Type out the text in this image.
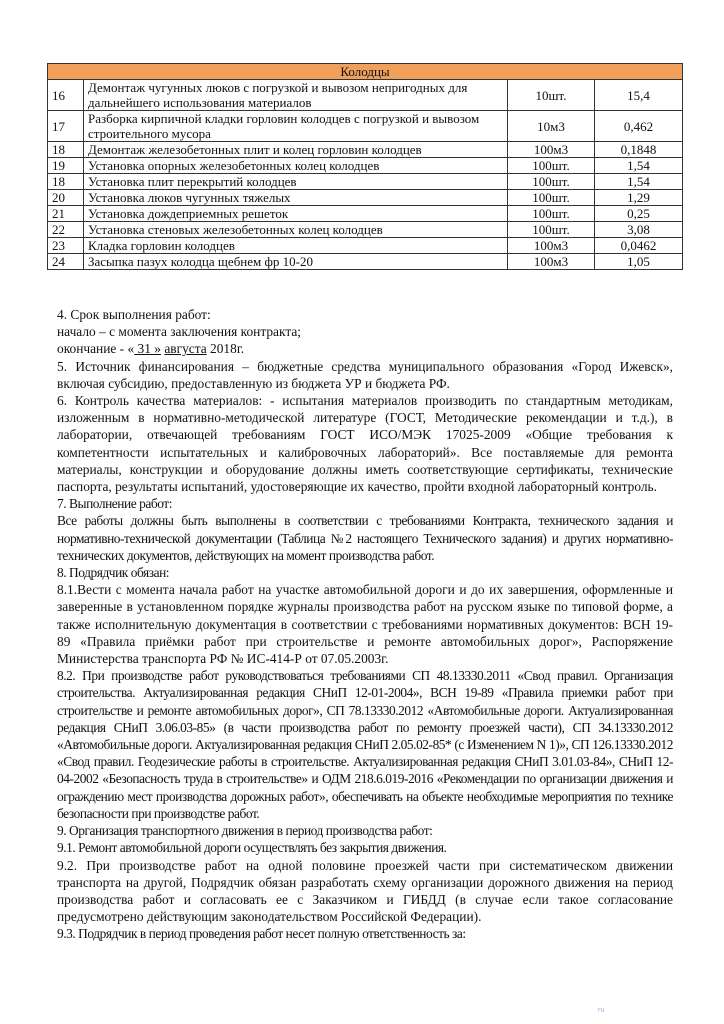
Колодцы			
16	Демонтаж чугунных люков с погрузкой и вывозом непригодных для дальнейшего использования материалов	10шт.	15,4
17	Разборка кирпичной кладки горловин колодцев с погрузкой и вывозом строительного мусора	10м3	0,462
18	Демонтаж железобетонных плит и колец горловин колодцев	100м3	0,1848
19	Установка опорных железобетонных колец колодцев	100шт.	1,54
18	Установка плит перекрытий колодцев	100шт.	1,54
20	Установка люков чугунных тяжелых	100шт.	1,29
21	Установка дождеприемных решеток	100шт.	0,25
22	Установка стеновых железобетонных колец колодцев	100шт.	3,08
23	Кладка горловин колодцев	100м3	0,0462
24	Засыпка пазух колодца щебнем фр 10-20	100м3	1,05

4. Срок выполнения работ:

начало – с момента заключения контракта;

окончание - « 31 » августа 2018г.

5. Источник финансирования – бюджетные средства муниципального образования «Город Ижевск», включая субсидию, предоставленную из бюджета УР и бюджета РФ.

6. Контроль качества материалов: - испытания материалов производить по стандартным методикам, изложенным в нормативно-методической литературе (ГОСТ, Методические рекомендации и т.д.), в лаборатории, отвечающей требованиям ГОСТ ИСО/МЭК 17025-2009 «Общие требования к компетентности испытательных и калибровочных лабораторий». Все поставляемые для ремонта материалы, конструкции и оборудование должны иметь соответствующие сертификаты, технические паспорта, результаты испытаний, удостоверяющие их качество, пройти входной лабораторный контроль.

7. Выполнение работ:

Все работы должны быть выполнены в соответствии с требованиями Контракта, технического задания и нормативно-технической документации (Таблица №2 настоящего Технического задания) и других нормативно-технических документов, действующих на момент производства работ.

8. Подрядчик обязан:

8.1.Вести с момента начала работ на участке автомобильной дороги и до их завершения, оформленные и заверенные в установленном порядке журналы производства работ на русском языке по типовой форме, а также исполнительную документация в соответствии с требованиями нормативных документов: ВСН 19-89 «Правила приёмки работ при строительстве и ремонте автомобильных дорог», Распоряжение Министерства транспорта РФ № ИС-414-Р от 07.05.2003г.

8.2. При производстве работ руководствоваться требованиями СП 48.13330.2011 «Свод правил. Организация строительства. Актуализированная редакция СНиП 12-01-2004», ВСН 19-89 «Правила приемки работ при строительстве и ремонте автомобильных дорог», СП 78.13330.2012 «Автомобильные дороги. Актуализированная редакция СНиП 3.06.03-85» (в части производства работ по ремонту проезжей части), СП 34.13330.2012 «Автомобильные дороги. Актуализированная редакция СНиП 2.05.02-85* (с Изменением N 1)», СП 126.13330.2012 «Свод правил. Геодезические работы в строительстве. Актуализированная редакция СНиП 3.01.03-84», СНиП 12-04-2002 «Безопасность труда в строительстве» и ОДМ 218.6.019-2016 «Рекомендации по организации движения и ограждению мест производства дорожных работ», обеспечивать на объекте необходимые мероприятия по технике безопасности при производстве работ.

9. Организация транспортного движения в период производства работ:

9.1. Ремонт автомобильной дороги осуществлять без закрытия движения.

9.2. При производстве работ на одной половине проезжей части при систематическом движении транспорта на другой, Подрядчик обязан разработать схему организации дорожного движения на период производства работ и согласовать ее с Заказчиком и ГИБДД (в случае если такое согласование предусмотрено действующим законодательством Российской Федерации).

9.3. Подрядчик в период проведения работ несет полную ответственность за:

ru
